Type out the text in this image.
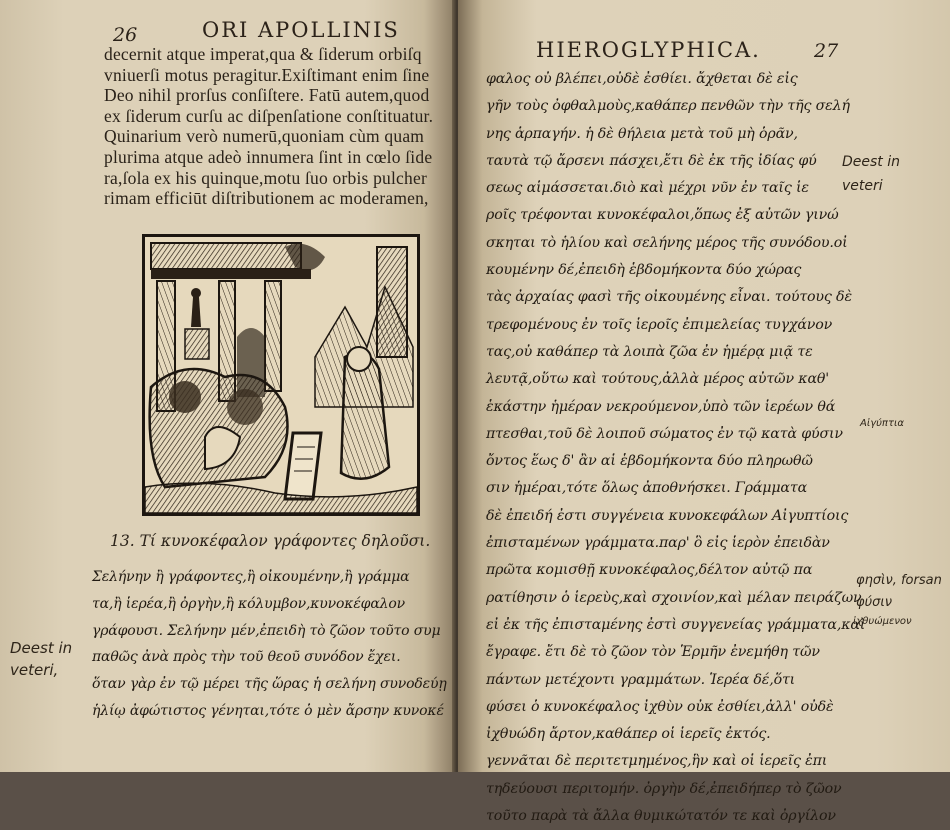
26	ORI APOLLINIS
decernit atque imperat,qua & ſiderum orbiſq
vniuerſi motus peragitur.Exiſtimant enim ſine
Deo nihil prorſus conſiſtere. Fatū autem,quod
ex ſiderum curſu ac diſpenſatione conſtituatur.
Quinarium verò numerū,quoniam cùm quam
plurima atque adeò innumera ſint in cœlo ſide
ra,ſola ex his quinque,motu ſuo orbis pulcher
rimam efficiūt diſtributionem ac moderamen,
13. Τί κυνοκέφαλον γράφοντες δηλοῦσι.
Σελήνην ἢ γράφοντες,ἢ οἰκουμένην,ἢ γράμμα
τα,ἢ ἱερέα,ἢ ὀργὴν,ἢ κόλυμβον,κυνοκέφαλον
γράφουσι. Σελήνην μέν,ἐπειδὴ τὸ ζῶον τοῦτο συμ
παθῶς ἀνὰ πρὸς τὴν τοῦ θεοῦ συνόδον ἔχει.
ὅταν γὰρ ἐν τῷ μέρει τῆς ὥρας ἡ σελήνη συνοδεύῃ
ἡλίῳ ἀφώτιστος γένηται,τότε ὁ μὲν ἄρσην κυνοκέ
Deest in veteri,
HIEROGLYPHICA.	27
Deest in veteri
Αἰγύπτια
φησὶν, forsan φύσιν
ἰχθυώμενον
φαλος οὐ βλέπει,οὐδὲ ἐσθίει. ἄχθεται δὲ εἰς
γῆν τοὺς ὀφθαλμοὺς,καθάπερ πενθῶν τὴν τῆς σελή
νης ἁρπαγήν. ἡ δὲ θήλεια μετὰ τοῦ μὴ ὁρᾶν,
ταυτὰ τῷ ἄρσενι πάσχει,ἔτι δὲ ἐκ τῆς ἰδίας φύ
σεως αἱμάσσεται.διὸ καὶ μέχρι νῦν ἐν ταῖς ἱε
ροῖς τρέφονται κυνοκέφαλοι,ὅπως ἐξ αὐτῶν γινώ
σκηται τὸ ἡλίου καὶ σελήνης μέρος τῆς συνόδου.οἰ
κουμένην δέ,ἐπειδὴ ἑβδομήκοντα δύο χώρας
τὰς ἀρχαίας φασὶ τῆς οἰκουμένης εἶναι. τούτους δὲ
τρεφομένους ἐν τοῖς ἱεροῖς ἐπιμελείας τυγχάνον
τας,οὐ καθάπερ τὰ λοιπὰ ζῶα ἐν ἡμέρᾳ μιᾷ τε
λευτᾷ,οὕτω καὶ τούτους,ἀλλὰ μέρος αὐτῶν καθ'
ἑκάστην ἡμέραν νεκρούμενον,ὑπὸ τῶν ἱερέων θά
πτεσθαι,τοῦ δὲ λοιποῦ σώματος ἐν τῷ κατὰ φύσιν
ὄντος ἕως δ' ἂν αἱ ἑβδομήκοντα δύο πληρωθῶ
σιν ἡμέραι,τότε ὅλως ἀποθνήσκει. Γράμματα
δὲ ἐπειδή ἐστι συγγένεια κυνοκεφάλων Αἰγυπτίοις
ἐπισταμένων γράμματα.παρ' ὃ εἰς ἱερὸν ἐπειδὰν
πρῶτα κομισθῇ κυνοκέφαλος,δέλτον αὐτῷ πα
ρατίθησιν ὁ ἱερεὺς,καὶ σχοινίον,καὶ μέλαν πειράζων
εἰ ἐκ τῆς ἐπισταμένης ἐστὶ συγγενείας γράμματα,καὶ
ἔγραφε. ἔτι δὲ τὸ ζῶον τὸν Ἑρμῆν ἐνεμήθη τῶν
πάντων μετέχοντι γραμμάτων. Ἱερέα δέ,ὅτι
φύσει ὁ κυνοκέφαλος ἰχθὺν οὐκ ἐσθίει,ἀλλ' οὐδὲ
ἰχθυώδη ἄρτον,καθάπερ οἱ ἱερεῖς ἐκτός.
γεννᾶται δὲ περιτετμημένος,ἣν καὶ οἱ ἱερεῖς ἐπι
τηδεύουσι περιτομήν. ὀργὴν δέ,ἐπειδήπερ τὸ ζῶον
τοῦτο παρὰ τὰ ἄλλα θυμικώτατόν τε καὶ ὀργίλον
